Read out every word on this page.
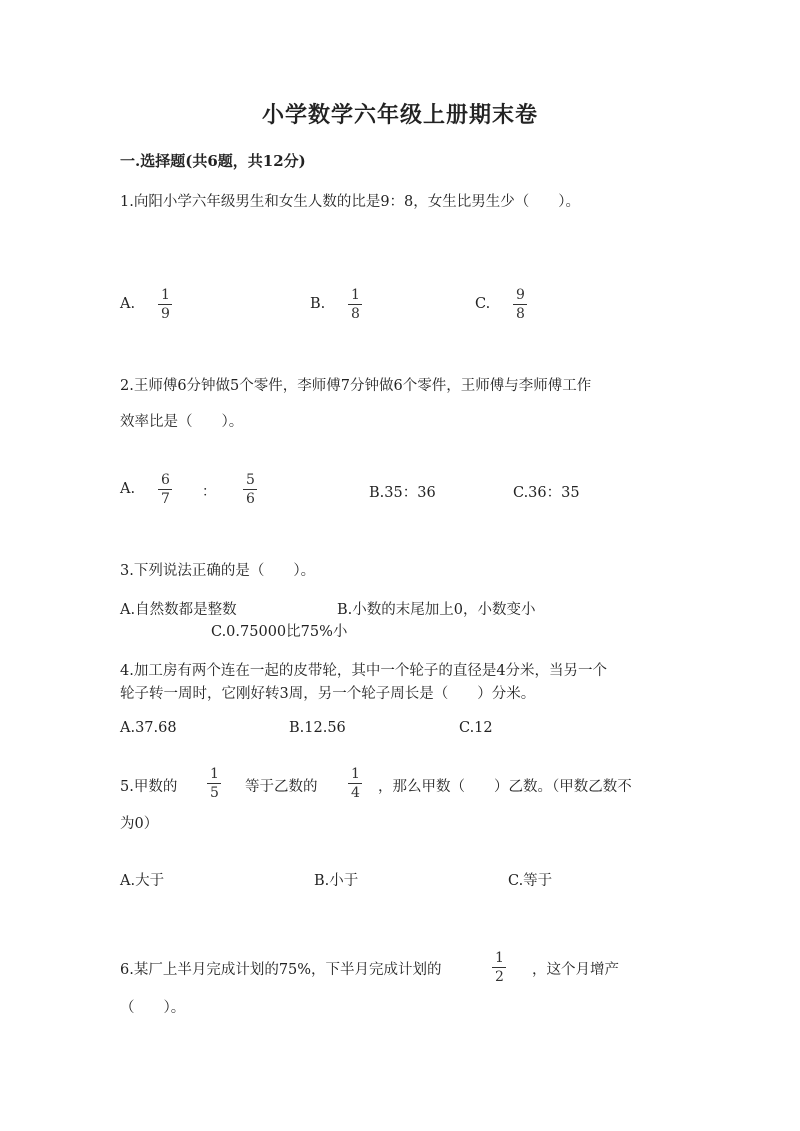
小学数学六年级上册期末卷
一.选择题(共6题，共12分)
1.向阳小学六年级男生和女生人数的比是9：8，女生比男生少（　　）。
A.
1
9
B.
1
8
C.
9
8
2.王师傅6分钟做5个零件，李师傅7分钟做6个零件，王师傅与李师傅工作
效率比是（　　）。
A.
6
7 ：
5
6	B.35：36	C.36：35
3.下列说法正确的是（　　）。
A.自然数都是整数	B.小数的末尾加上0，小数变小
C.0.75000比75%小
4.加工房有两个连在一起的皮带轮，其中一个轮子的直径是4分米，当另一个
轮子转一周时，它刚好转3周，另一个轮子周长是（　　）分米。
A.37.68	B.12.56	C.12
5.甲数的
1
5 等于乙数的
1
4 ，那么甲数（　　）乙数。（甲数乙数不
为0）
A.大于	B.小于	C.等于
6.某厂上半月完成计划的75%，下半月完成计划的
1
2 ，这个月增产
（　　）。
